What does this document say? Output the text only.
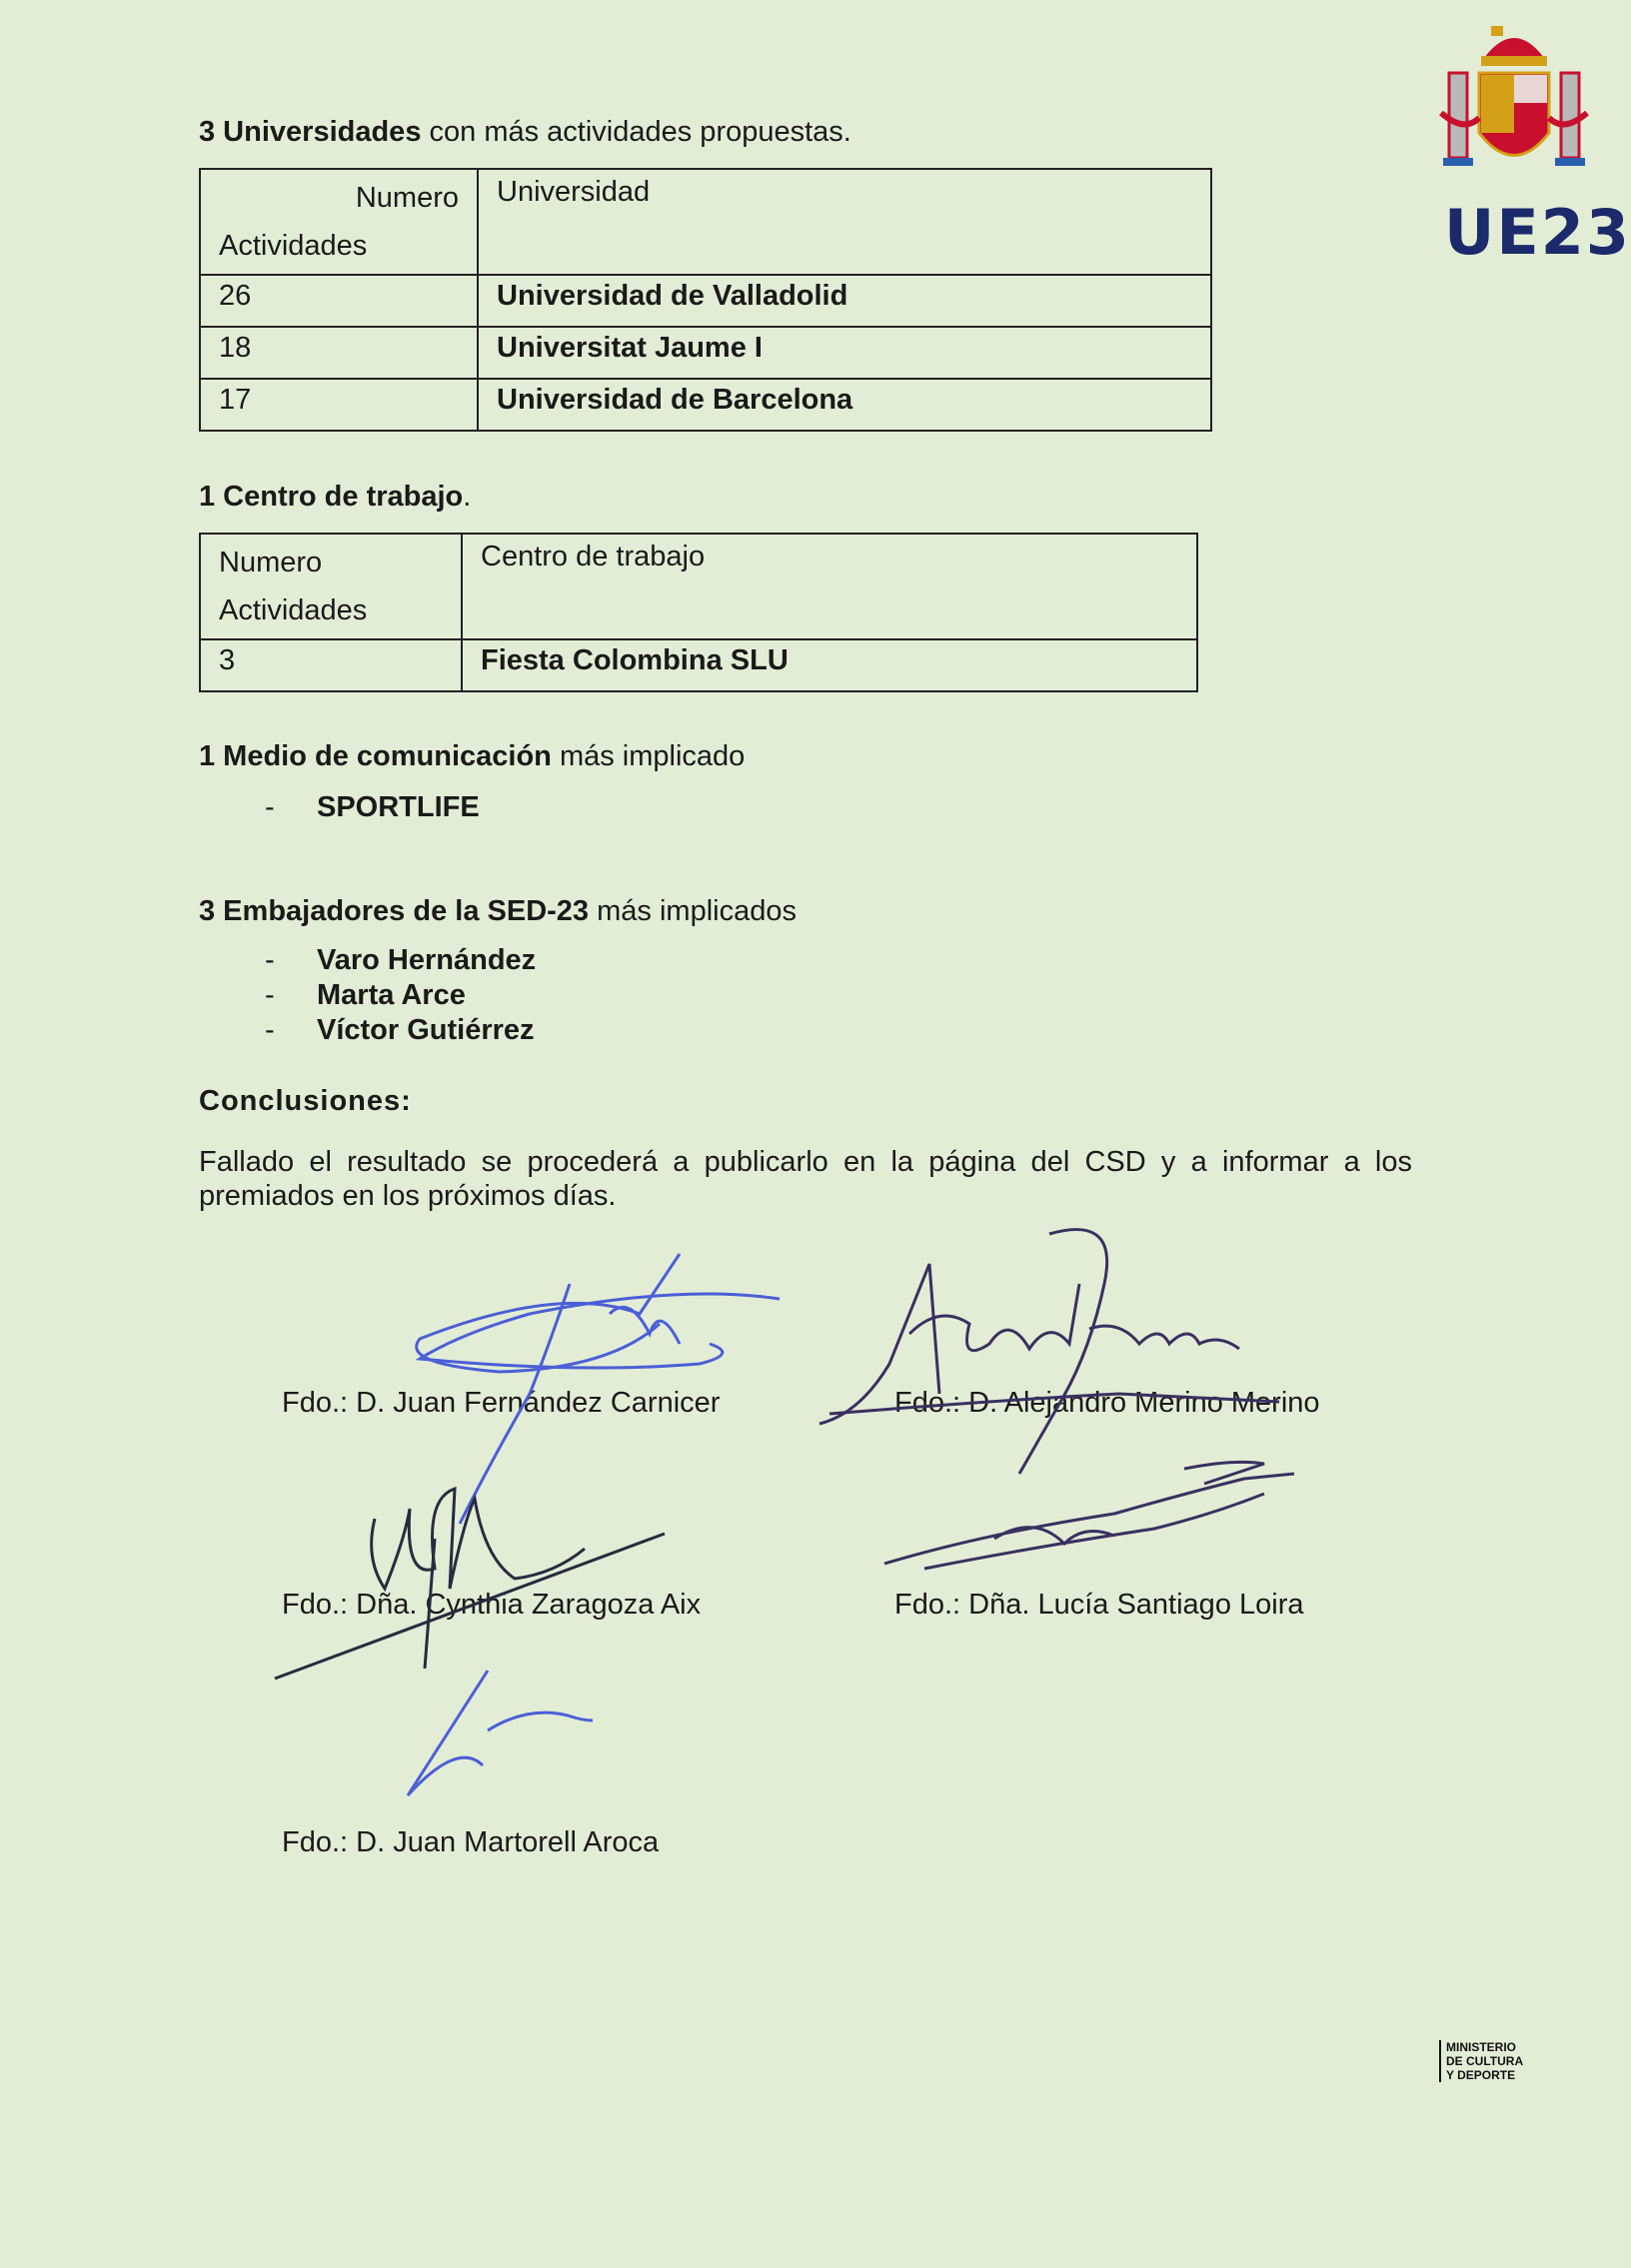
UE23
3 Universidades con más actividades propuestas.
Numero
Actividades	Universidad
26	Universidad de Valladolid
18	Universitat Jaume I
17	Universidad de Barcelona
1 Centro de trabajo.
Numero
Actividades	Centro de trabajo
3	Fiesta Colombina SLU
1 Medio de comunicación más implicado
-	SPORTLIFE
3 Embajadores de la SED-23 más implicados
-	Varo Hernández
-	Marta Arce
-	Víctor Gutiérrez
Conclusiones:
Fallado el resultado se procederá a publicarlo en la página del CSD y a informar a los premiados en los próximos días.
Fdo.: D. Juan Fernández Carnicer	Fdo.: D. Alejandro Merino Merino
Fdo.: Dña. Cynthia Zaragoza Aix	Fdo.: Dña. Lucía Santiago Loira
Fdo.: D. Juan Martorell Aroca
MINISTERIO
DE CULTURA
Y DEPORTE
